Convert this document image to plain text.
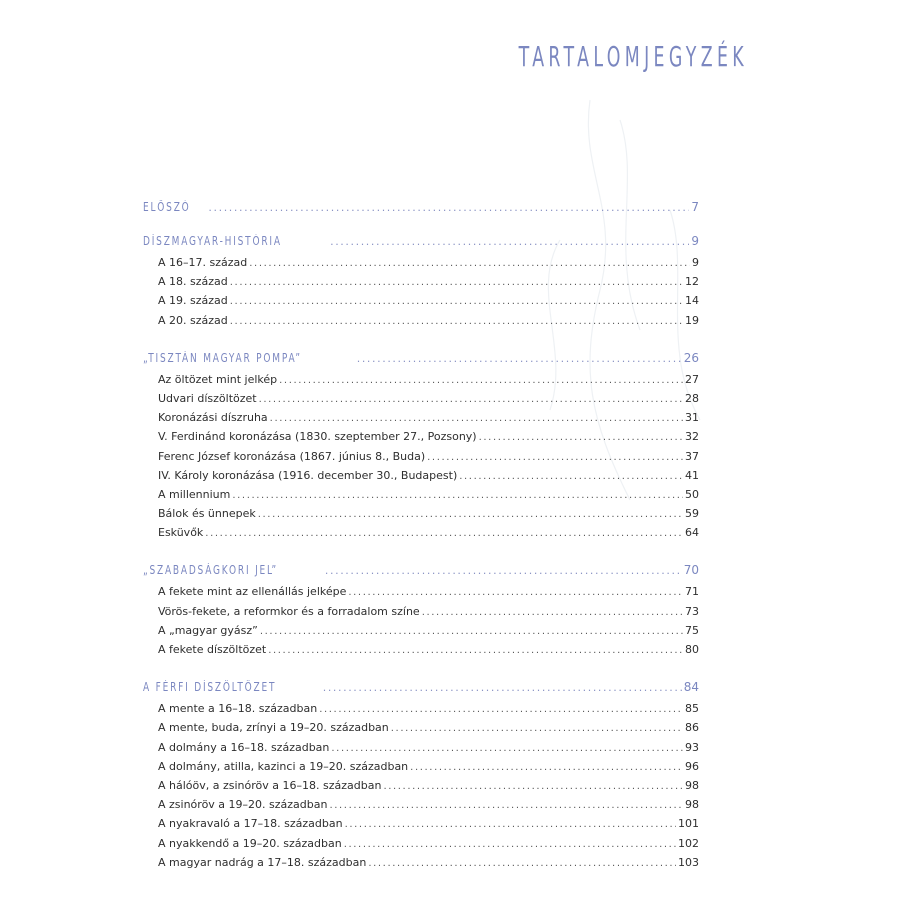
TARTALOMJEGYZÉK
ELŐSZÓ .....	7
DÍSZMAGYAR-HISTÓRIA .....	9
A 16–17. század .....	9
A 18. század .....	12
A 19. század .....	14
A 20. század .....	19
„TISZTÁN MAGYAR POMPA” .....	26
Az öltözet mint jelkép .....	27
Udvari díszöltözet .....	28
Koronázási díszruha .....	31
V. Ferdinánd koronázása (1830. szeptember 27., Pozsony) .....	32
Ferenc József koronázása (1867. június 8., Buda) .....	37
IV. Károly koronázása (1916. december 30., Budapest) .....	41
A millennium .....	50
Bálok és ünnepek .....	59
Esküvők .....	64
„SZABADSÁGKORI JEL” .....	70
A fekete mint az ellenállás jelképe .....	71
Vörös-fekete, a reformkor és a forradalom színe .....	73
A „magyar gyász” .....	75
A fekete díszöltözet .....	80
A FÉRFI DÍSZÖLTÖZET .....	84
A mente a 16–18. században .....	85
A mente, buda, zrínyi a 19–20. században .....	86
A dolmány a 16–18. században .....	93
A dolmány, atilla, kazinci a 19–20. században .....	96
A hálóöv, a zsinóröv a 16–18. században .....	98
A zsinóröv a 19–20. században .....	98
A nyakravaló a 17–18. században .....	101
A nyakkendő a 19–20. században .....	102
A magyar nadrág a 17–18. században .....	103
